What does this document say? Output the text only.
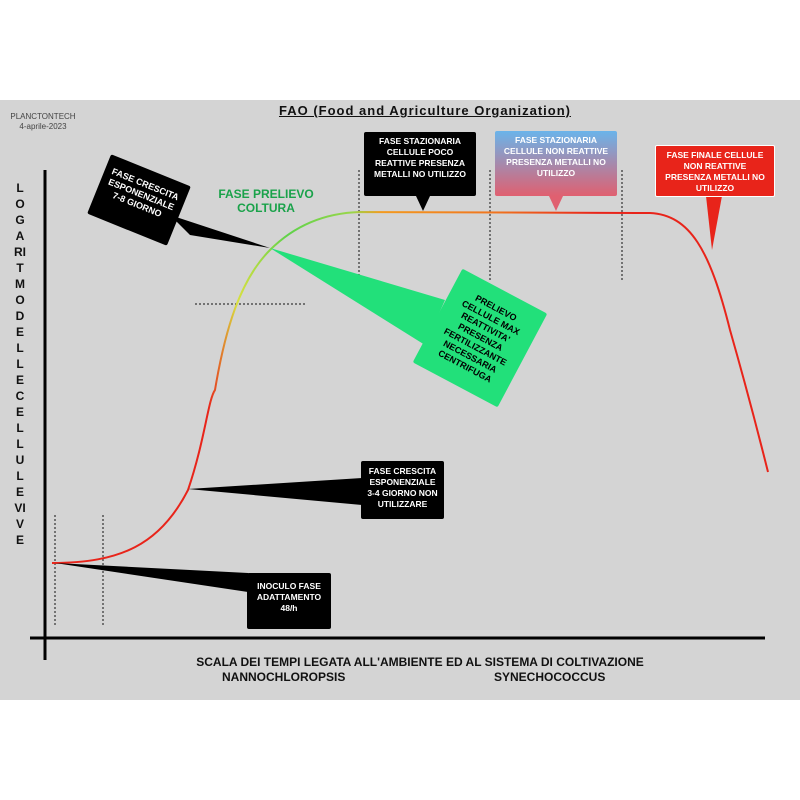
PLANCTONTECH
4-aprile-2023
FAO (Food and Agriculture Organization)
LOGARITMO DELLE CELLULE VIVE
SCALA DEI TEMPI LEGATA ALL'AMBIENTE ED AL SISTEMA DI COLTIVAZIONE
NANNOCHLOROPSIS	SYNECHOCOCCUS
FASE PRELIEVO COLTURA
FASE CRESCITA ESPONENZIALE 7-8 GIORNO
FASE STAZIONARIA CELLULE POCO REATTIVE PRESENZA METALLI NO UTILIZZO
FASE STAZIONARIA CELLULE NON REATTIVE PRESENZA METALLI NO UTILIZZO
FASE FINALE CELLULE NON REATTIVE PRESENZA METALLI NO UTILIZZO
PRELIEVO CELLULE MAX REATTIVITA' PRESENZA FERTILIZZANTE NECESSARIA CENTRIFUGA
FASE CRESCITA ESPONENZIALE 3-4 GIORNO NON UTILIZZARE
INOCULO FASE ADATTAMENTO 48/h
